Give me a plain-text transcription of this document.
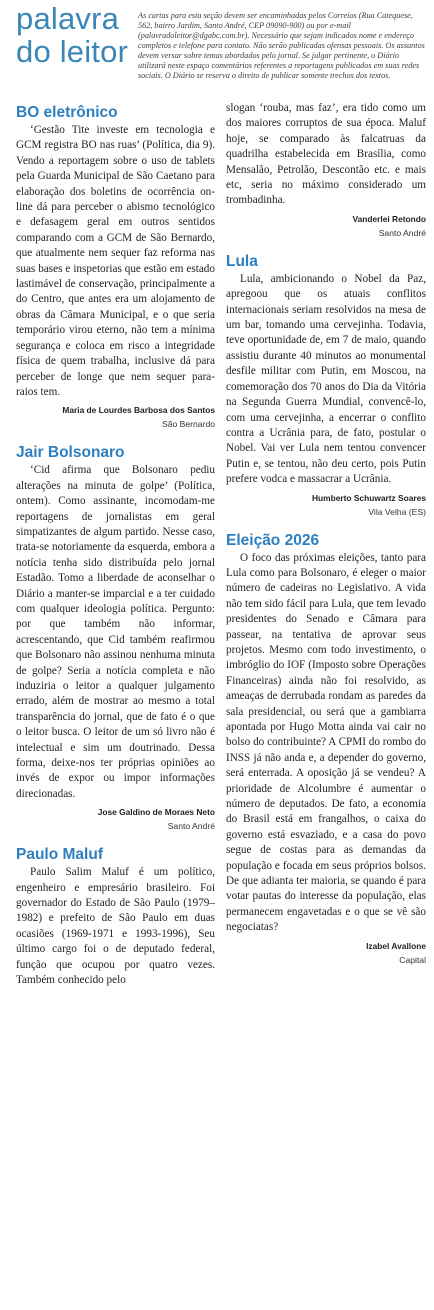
palavra
do leitor

As cartas para esta seção devem ser encaminhadas pelos Correios (Rua Catequese, 562, bairro Jardim, Santo André, CEP 09090-900) ou por e-mail (palavradoleitor@dgabc.com.br). Necessário que sejam indicados nome e endereço completos e telefone para contato. Não serão publicadas ofensas pessoais. Os assuntos devem versar sobre temas abordados pelo jornal. Se julgar pertinente, o Diário utilizará neste espaço comentários referentes a reportagens publicados em suas redes sociais. O Diário se reserva o direito de publicar somente trechos dos textos.

BO eletrônico

‘Gestão Tite investe em tecnologia e GCM registra BO nas ruas’ (Política, dia 9). Vendo a reportagem sobre o uso de tablets pela Guarda Municipal de São Caetano para elaboração dos boletins de ocorrência on-line dá para perceber o abismo tecnológico e defasagem geral em outros sentidos comparando com a GCM de São Bernardo, que atualmente nem sequer faz reforma nas suas bases e inspetorias que estão em estado lastimável de conservação, principalmente a do Centro, que antes era um alojamento de obras da Câmara Municipal, e o que seria temporário virou eterno, não tem a mínima segurança e coloca em risco a integridade física de quem trabalha, inclusive dá para perceber de longe que nem sequer para-raios tem.

Maria de Lourdes Barbosa dos Santos
São Bernardo
Jair Bolsonaro

‘Cid afirma que Bolsonaro pediu alterações na minuta de golpe’ (Política, ontem). Como assinante, incomodam-me reportagens de jornalistas em geral simpatizantes de algum partido. Nesse caso, trata-se notoriamente da esquerda, embora a notícia tenha sido distribuída pelo jornal Estadão. Tomo a liberdade de aconselhar o Diário a manter-se imparcial e a ter cuidado com qualquer ideologia política. Pergunto: por que também não informar, acrescentando, que Cid também reafirmou que Bolsonaro não assinou nenhuma minuta de golpe? Seria a notícia completa e não induziria o leitor a qualquer julgamento errado, além de mostrar ao mesmo a total transparência do jornal, que de fato é o que o leitor busca. O leitor de um só livro não é intelectual e sim um doutrinado. Dessa forma, deixe-nos ter próprias opiniões ao invés de expor ou impor informações direcionadas.

Jose Galdino de Moraes Neto
Santo André
Paulo Maluf

Paulo Salim Maluf é um político, engenheiro e empresário brasileiro. Foi governador do Estado de São Paulo (1979–1982) e prefeito de São Paulo em duas ocasiões (1969-1971 e 1993-1996), Seu último cargo foi o de deputado federal, função que ocupou por quatro vezes. Também conhecido pelo

slogan ‘rouba, mas faz’, era tido como um dos maiores corruptos de sua época. Maluf hoje, se comparado às falcatruas da quadrilha estabelecida em Brasília, como Mensalão, Petrolão, Descontão etc. e mais etc, seria no máximo considerado um trombadinha.

Vanderlei Retondo
Santo André
Lula

Lula, ambicionando o Nobel da Paz, apregoou que os atuais conflitos internacionais seriam resolvidos na mesa de um bar, tomando uma cervejinha. Todavia, teve oportunidade de, em 7 de maio, quando assistiu durante 40 minutos ao monumental desfile militar com Putin, em Moscou, na comemoração dos 70 anos do Dia da Vitória na Segunda Guerra Mundial, convencê-lo, com uma cervejinha, a encerrar o conflito contra a Ucrânia para, de fato, postular o Nobel. Vai ver Lula nem tentou convencer Putin e, se tentou, não deu certo, pois Putin prefere vodca e massacrar a Ucrânia.

Humberto Schuwartz Soares
Vila Velha (ES)
Eleição 2026

O foco das próximas eleições, tanto para Lula como para Bolsonaro, é eleger o maior número de cadeiras no Legislativo. A vida não tem sido fácil para Lula, que tem levado presidentes do Senado e Câmara para passear, na tentativa de aprovar seus projetos. Mesmo com todo investimento, o imbróglio do IOF (Imposto sobre Operações Financeiras) ainda não foi resolvido, as ameaças de derrubada rondam as paredes da sala presidencial, ou será que a gambiarra apontada por Hugo Motta ainda vai cair no bolso do contribuinte? A CPMI do rombo do INSS já não anda e, a depender do governo, será enterrada. A oposição já se vendeu? A prioridade de Alcolumbre é aumentar o número de deputados. De fato, a economia do Brasil está em frangalhos, o caixa do governo está esvaziado, e a casa do povo segue de costas para as demandas da população e focada em seus próprios bolsos. De que adianta ter maioria, se quando é para votar pautas do interesse da população, elas permanecem engavetadas e o que se vê são negociatas?

Izabel Avallone
Capital
